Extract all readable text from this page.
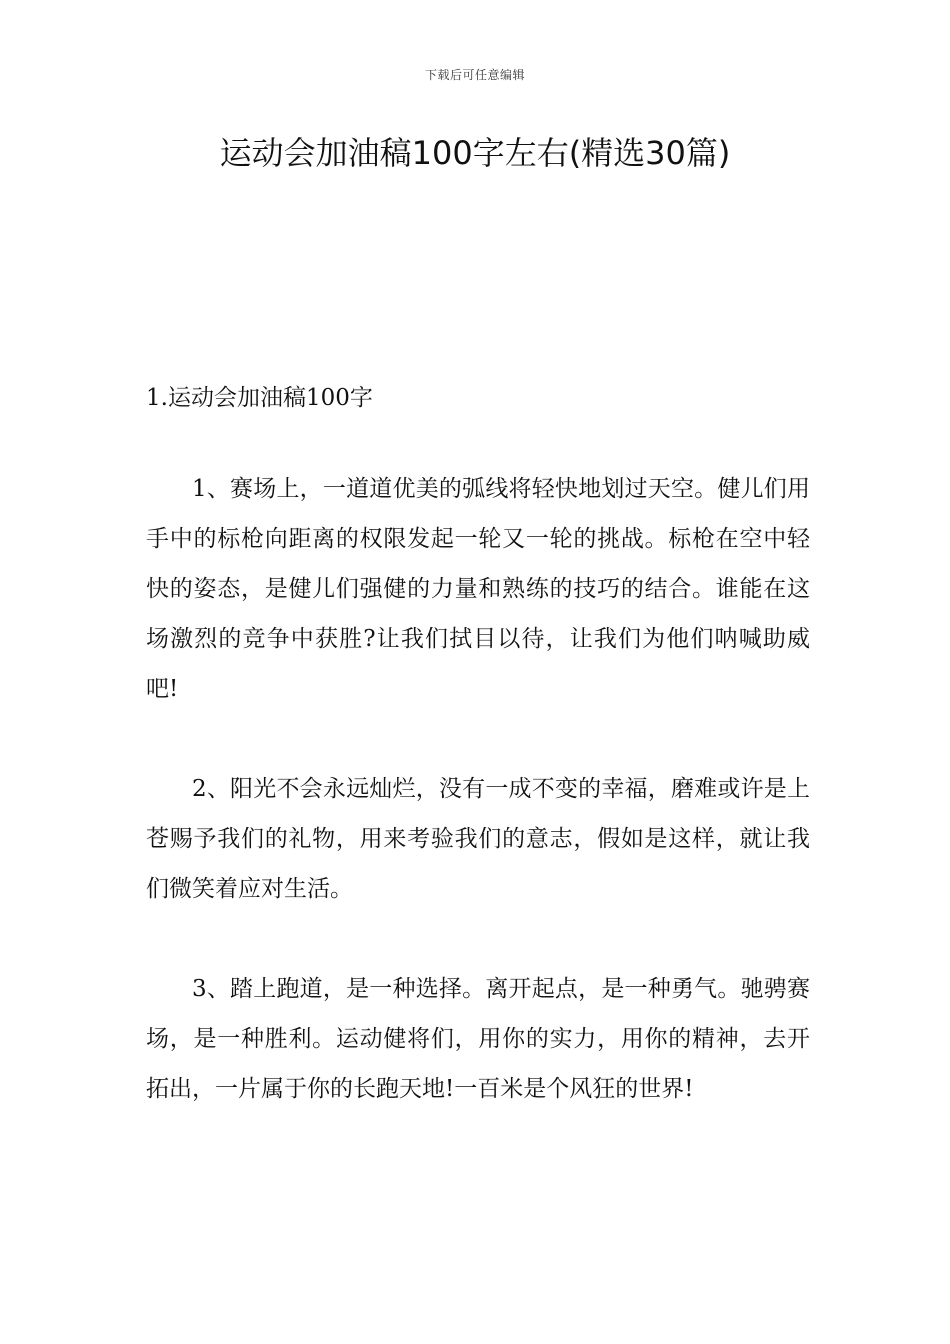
下载后可任意编辑
运动会加油稿100字左右(精选30篇)

1.运动会加油稿100字

1、赛场上，一道道优美的弧线将轻快地划过天空。健儿们用手中的标枪向距离的权限发起一轮又一轮的挑战。标枪在空中轻快的姿态，是健儿们强健的力量和熟练的技巧的结合。谁能在这场激烈的竞争中获胜?让我们拭目以待，让我们为他们呐喊助威吧!

2、阳光不会永远灿烂，没有一成不变的幸福，磨难或许是上苍赐予我们的礼物，用来考验我们的意志，假如是这样，就让我们微笑着应对生活。

3、踏上跑道，是一种选择。离开起点，是一种勇气。驰骋赛场，是一种胜利。运动健将们，用你的实力，用你的精神，去开拓出，一片属于你的长跑天地!一百米是个风狂的世界!
